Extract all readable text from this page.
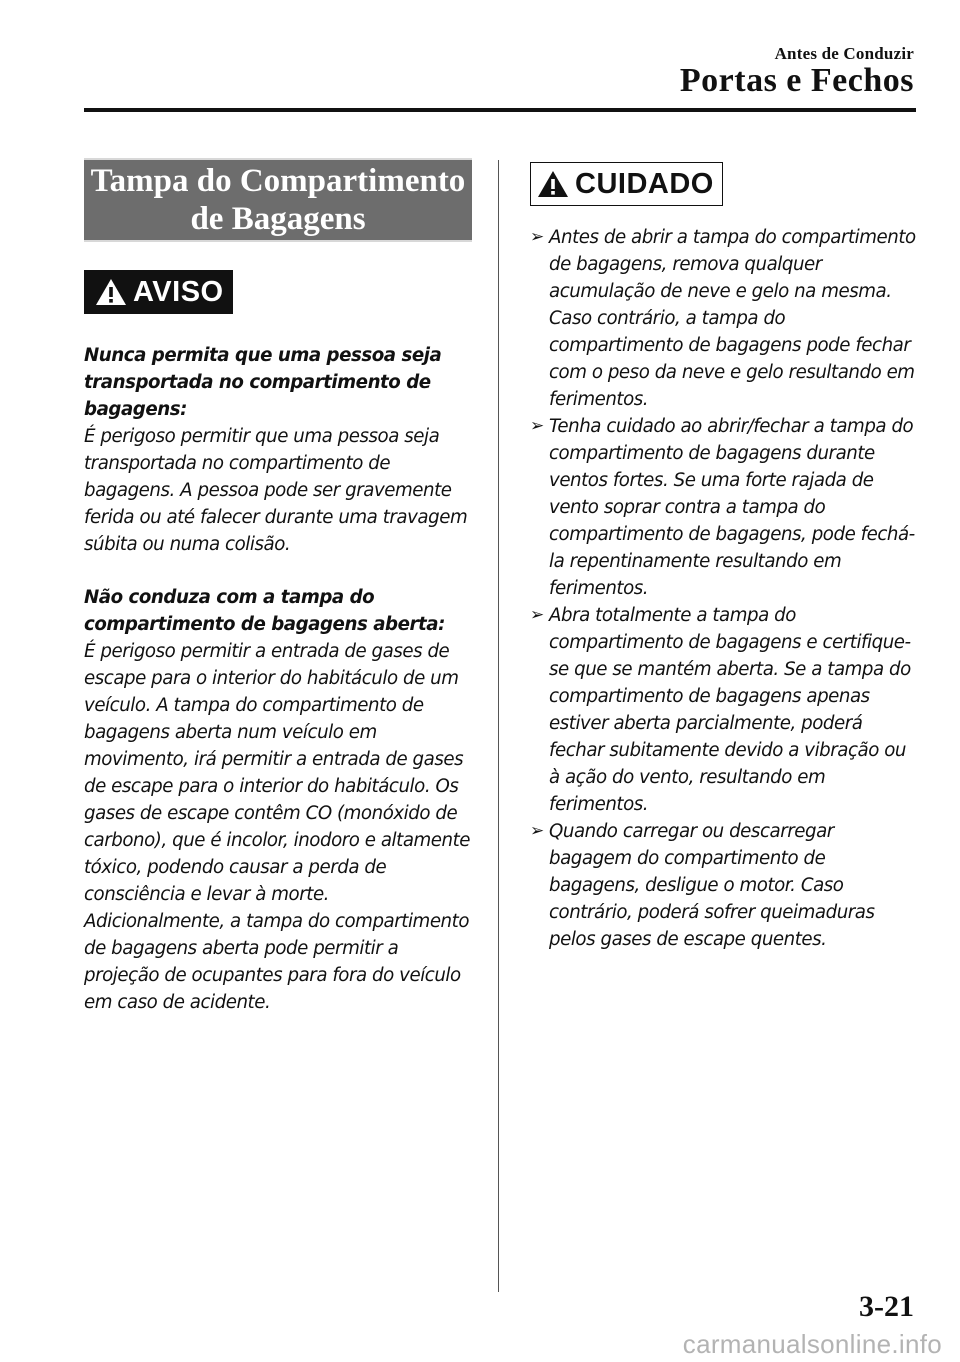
Antes de Conduzir
Portas e Fechos
Tampa do Compartimento
de Bagagens
AVISO

Nunca permita que uma pessoa seja transportada no compartimento de bagagens:

É perigoso permitir que uma pessoa seja transportada no compartimento de bagagens. A pessoa pode ser gravemente ferida ou até falecer durante uma travagem súbita ou numa colisão.

Não conduza com a tampa do compartimento de bagagens aberta:

É perigoso permitir a entrada de gases de escape para o interior do habitáculo de um veículo. A tampa do compartimento de bagagens aberta num veículo em movimento, irá permitir a entrada de gases de escape para o interior do habitáculo. Os gases de escape contêm CO (monóxido de carbono), que é incolor, inodoro e altamente tóxico, podendo causar a perda de consciência e levar à morte.

Adicionalmente, a tampa do compartimento de bagagens aberta pode permitir a projeção de ocupantes para fora do veículo em caso de acidente.

CUIDADO
➢ Antes de abrir a tampa do compartimento de bagagens, remova qualquer acumulação de neve e gelo na mesma. Caso contrário, a tampa do compartimento de bagagens pode fechar com o peso da neve e gelo resultando em ferimentos.
➢ Tenha cuidado ao abrir/fechar a tampa do compartimento de bagagens durante ventos fortes. Se uma forte rajada de vento soprar contra a tampa do compartimento de bagagens, pode fechá-la repentinamente resultando em ferimentos.
➢ Abra totalmente a tampa do compartimento de bagagens e certifique-se que se mantém aberta. Se a tampa do compartimento de bagagens apenas estiver aberta parcialmente, poderá fechar subitamente devido a vibração ou à ação do vento, resultando em ferimentos.
➢ Quando carregar ou descarregar bagagem do compartimento de bagagens, desligue o motor. Caso contrário, poderá sofrer queimaduras pelos gases de escape quentes.
3-21
carmanualsonline.info
